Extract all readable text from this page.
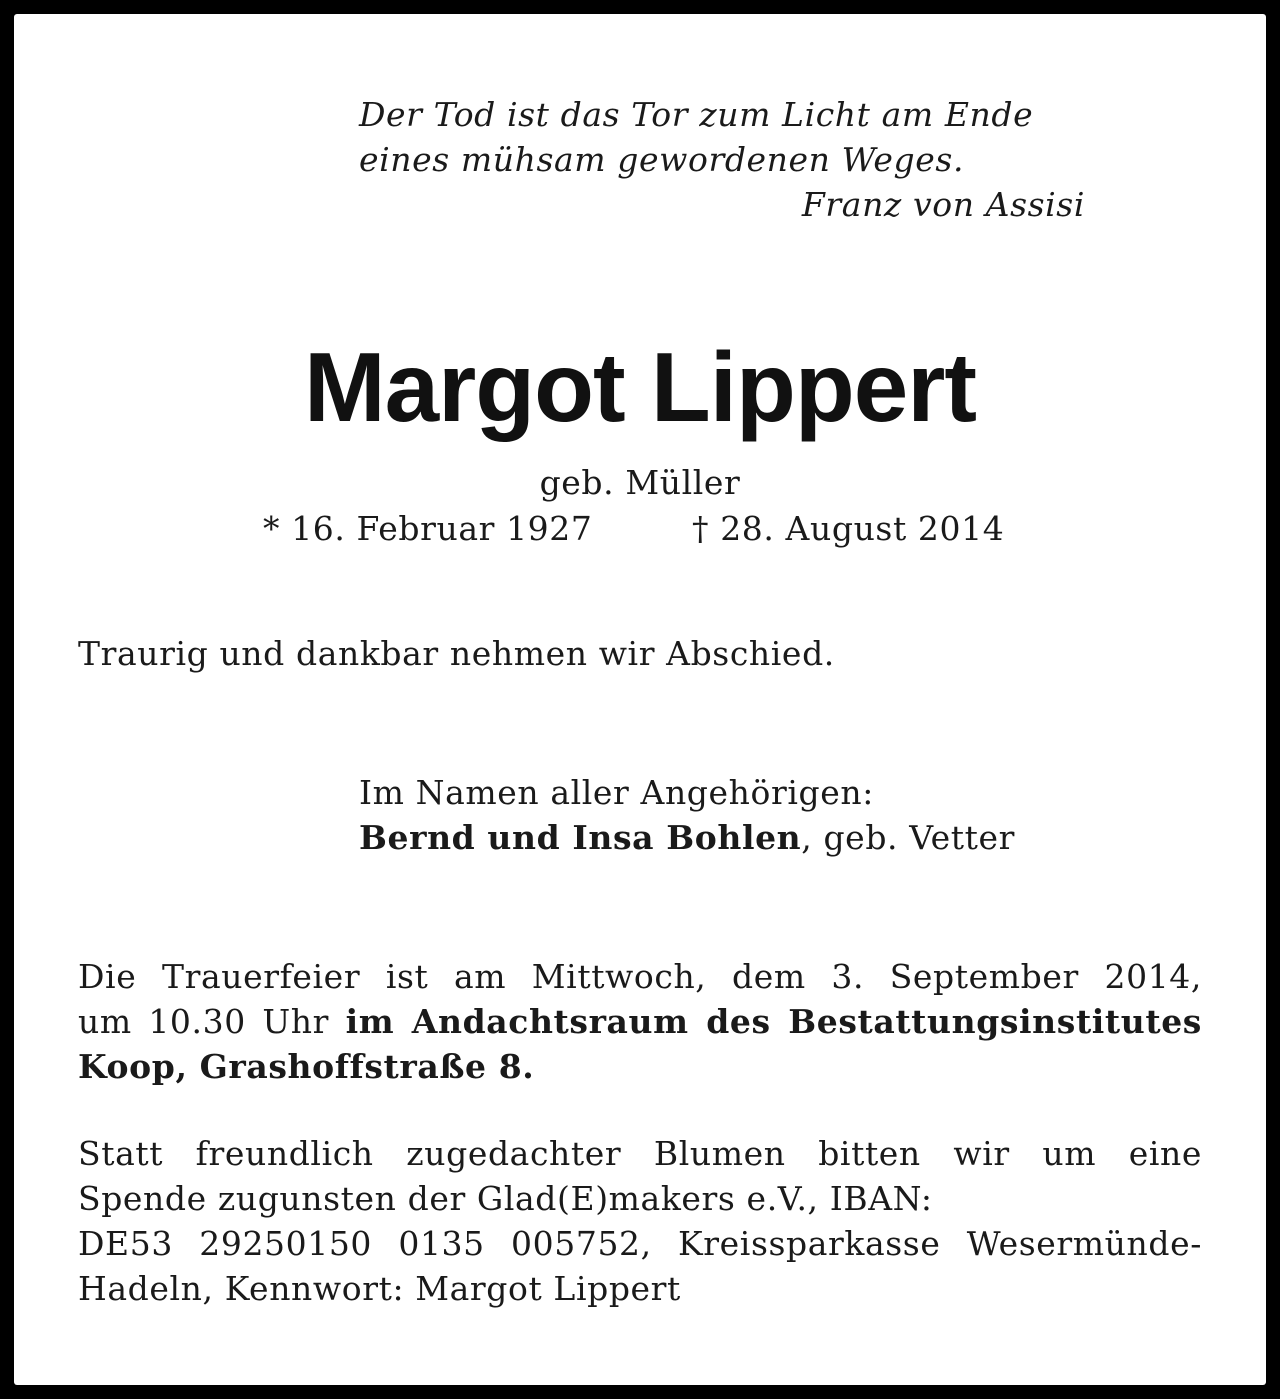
Der Tod ist das Tor zum Licht am Ende
eines mühsam gewordenen Weges.
Franz von Assisi
Margot Lippert
geb. Müller
* 16. Februar 1927	† 28. August 2014
Traurig und dankbar nehmen wir Abschied.
Im Namen aller Angehörigen:
Bernd und Insa Bohlen, geb. Vetter
Die Trauerfeier ist am Mittwoch, dem 3. September 2014,
um 10.30 Uhr im Andachtsraum des Bestattungsinstitutes
Koop, Grashoffstraße 8.
Statt freundlich zugedachter Blumen bitten wir um eine
Spende zugunsten der Glad(E)makers e.V., IBAN:
DE53 29250150 0135 005752, Kreissparkasse Wesermünde-
Hadeln, Kennwort: Margot Lippert
